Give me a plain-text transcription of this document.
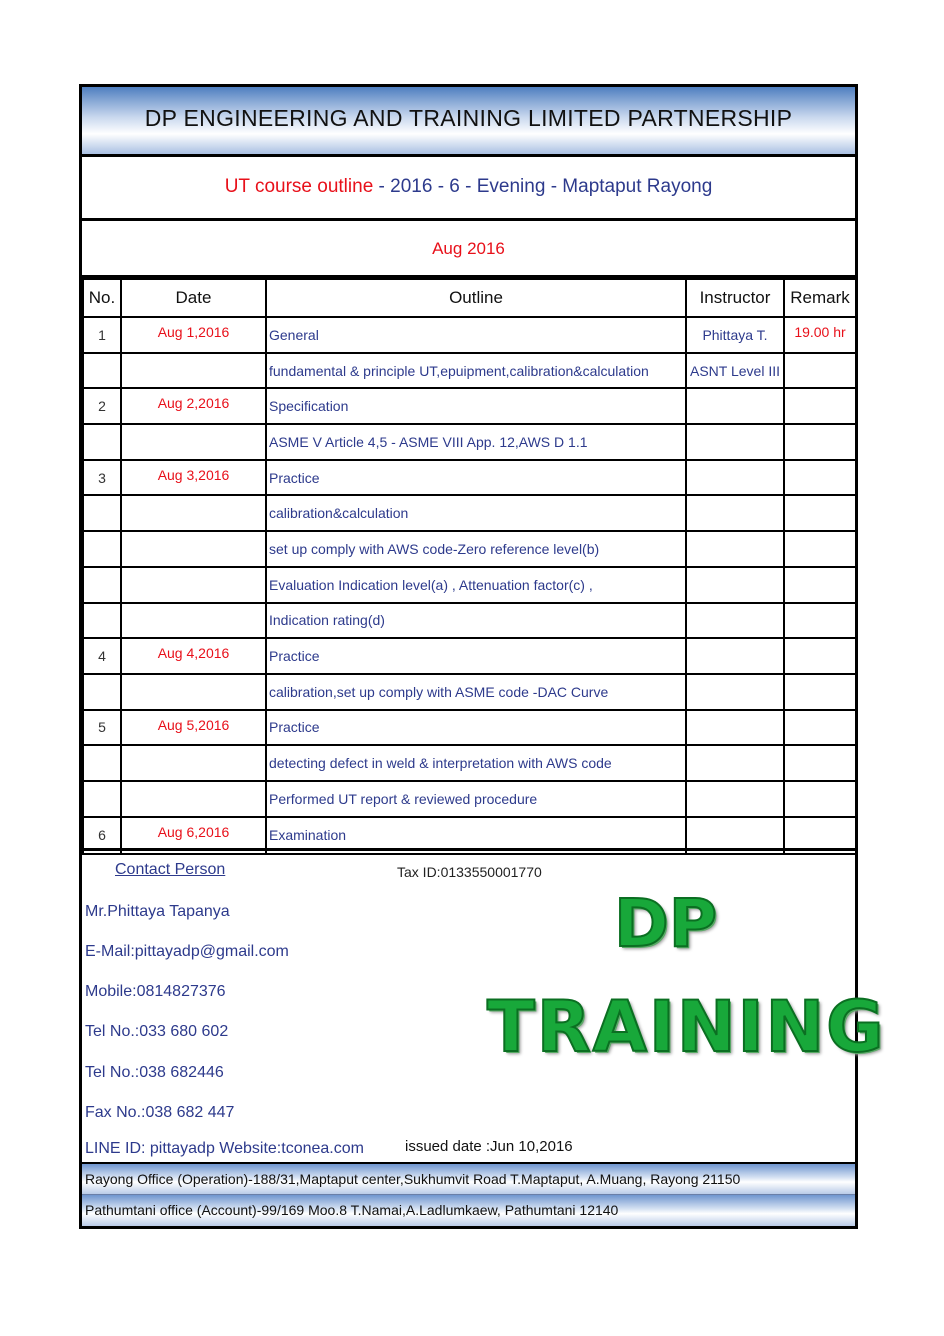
DP ENGINEERING AND TRAINING LIMITED PARTNERSHIP
UT course outline - 2016 - 6 - Evening - Maptaput Rayong
Aug 2016
No.	Date	Outline	Instructor	Remark
1	Aug 1,2016	General	Phittaya T.	19.00 hr
		fundamental & principle UT,epuipment,calibration&calculation	ASNT Level III	
2	Aug 2,2016	Specification		
		ASME V Article 4,5 - ASME VIII App. 12,AWS D 1.1		
3	Aug 3,2016	Practice		
		calibration&calculation		
		set up comply with AWS code-Zero reference level(b)		
		Evaluation Indication level(a) , Attenuation factor(c) ,		
		Indication rating(d)		
4	Aug 4,2016	Practice		
		calibration,set up comply with ASME code -DAC Curve		
5	Aug 5,2016	Practice		
		detecting defect in weld & interpretation with AWS code		
		Performed UT report & reviewed procedure		
6	Aug 6,2016	Examination		
Contact Person	Tax ID:0133550001770
Mr.Phittaya Tapanya
E-Mail:pittayadp@gmail.com
Mobile:0814827376
Tel No.:033 680 602
Tel No.:038 682446
Fax No.:038 682 447
LINE ID: pittayadp Website:tconea.com	issued date :Jun 10,2016
DP
TRAINING
Rayong Office (Operation)-188/31,Maptaput center,Sukhumvit Road T.Maptaput, A.Muang, Rayong 21150
Pathumtani office (Account)-99/169 Moo.8 T.Namai,A.Ladlumkaew, Pathumtani 12140
